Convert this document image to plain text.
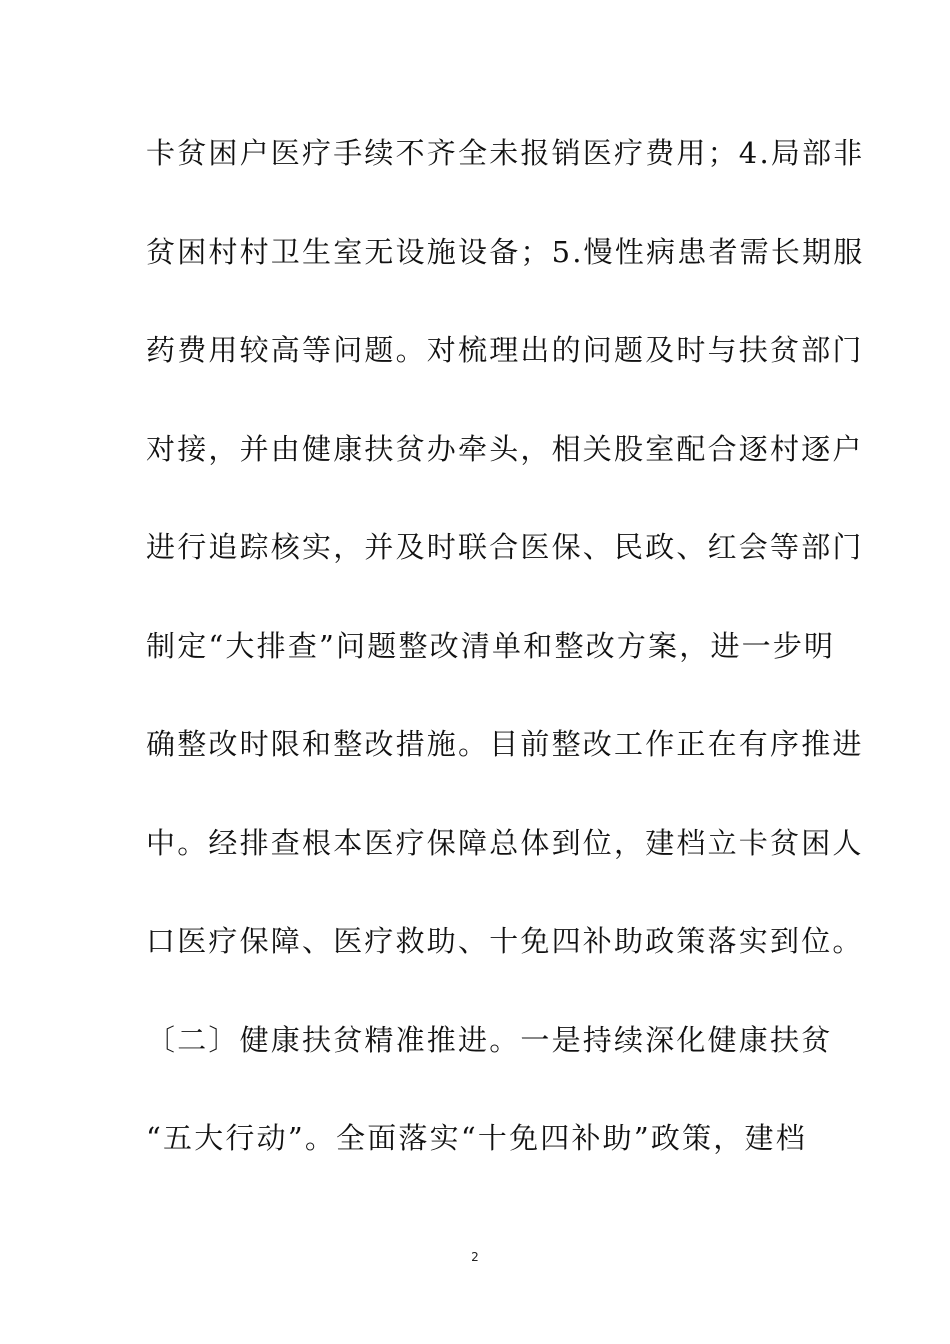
卡贫困户医疗手续不齐全未报销医疗费用；4.局部非
贫困村村卫生室无设施设备；5.慢性病患者需长期服
药费用较高等问题。对梳理出的问题及时与扶贫部门
对接，并由健康扶贫办牵头，相关股室配合逐村逐户
进行追踪核实，并及时联合医保、民政、红会等部门
制定“大排查”问题整改清单和整改方案，进一步明
确整改时限和整改措施。目前整改工作正在有序推进
中。经排查根本医疗保障总体到位，建档立卡贫困人
口医疗保障、医疗救助、十免四补助政策落实到位。
〔二〕健康扶贫精准推进。一是持续深化健康扶贫
“五大行动”。全面落实“十免四补助”政策，建档
2
